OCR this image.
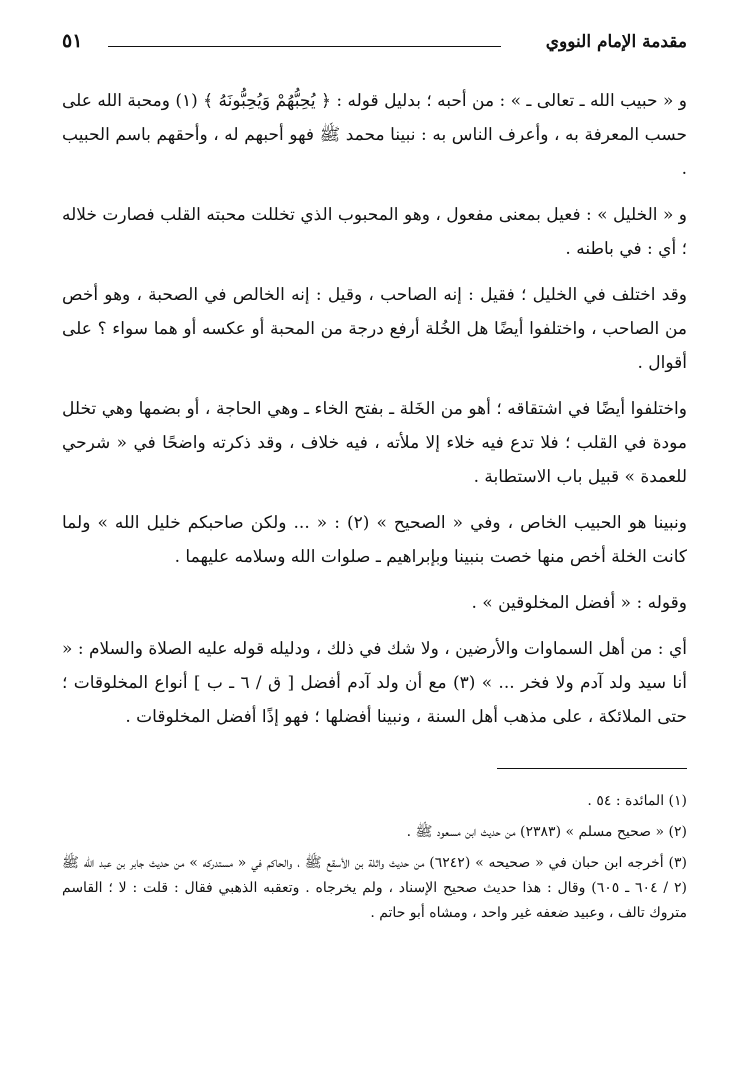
مقدمة الإمام النووي
٥١

و « حبيب الله ـ تعالى ـ » : من أحبه ؛ بدليل قوله : ﴿ يُحِبُّهُمْ وَيُحِبُّونَهُ ﴾ (١) ومحبة الله على حسب المعرفة به ، وأعرف الناس به : نبينا محمد ﷺ فهو أحبهم له ، وأحقهم باسم الحبيب .

و « الخليل » : فعيل بمعنى مفعول ، وهو المحبوب الذي تخللت محبته القلب فصارت خلاله ؛ أي : في باطنه .

وقد اختلف في الخليل ؛ فقيل : إنه الصاحب ، وقيل : إنه الخالص في الصحبة ، وهو أخص من الصاحب ، واختلفوا أيضًا هل الخُلة أرفع درجة من المحبة أو عكسه أو هما سواء ؟ على أقوال .

واختلفوا أيضًا في اشتقاقه ؛ أهو من الخَلة ـ بفتح الخاء ـ وهي الحاجة ، أو بضمها وهي تخلل مودة في القلب ؛ فلا تدع فيه خلاء إلا ملأته ، فيه خلاف ، وقد ذكرته واضحًا في « شرحي للعمدة » قبيل باب الاستطابة .

ونبينا هو الحبيب الخاص ، وفي « الصحيح » (٢) : « ... ولكن صاحبكم خليل الله » ولما كانت الخلة أخص منها خصت بنبينا وبإبراهيم ـ صلوات الله وسلامه عليهما .

وقوله : « أفضل المخلوقين » .

أي : من أهل السماوات والأرضين ، ولا شك في ذلك ، ودليله قوله عليه الصلاة والسلام : « أنا سيد ولد آدم ولا فخر ... » (٣) مع أن ولد آدم أفضل [ ق / ٦ ـ ب ] أنواع المخلوقات ؛ حتى الملائكة ، على مذهب أهل السنة ، ونبينا أفضلها ؛ فهو إذًا أفضل المخلوقات .

(١) المائدة : ٥٤ .

(٢) « صحيح مسلم » (٢٣٨٣) من حديث ابن مسعود ﷺ .

(٣) أخرجه ابن حبان في « صحيحه » (٦٢٤٢) من حديث واثلة بن الأسقع ﷺ ، والحاكم في « مستدركه » من حديث جابر بن عبد الله ﷺ (٢ / ٦٠٤ ـ ٦٠٥) وقال : هذا حديث صحيح الإسناد ، ولم يخرجاه . وتعقبه الذهبي فقال : قلت : لا ؛ القاسم متروك تالف ، وعبيد ضعفه غير واحد ، ومشاه أبو حاتم .
